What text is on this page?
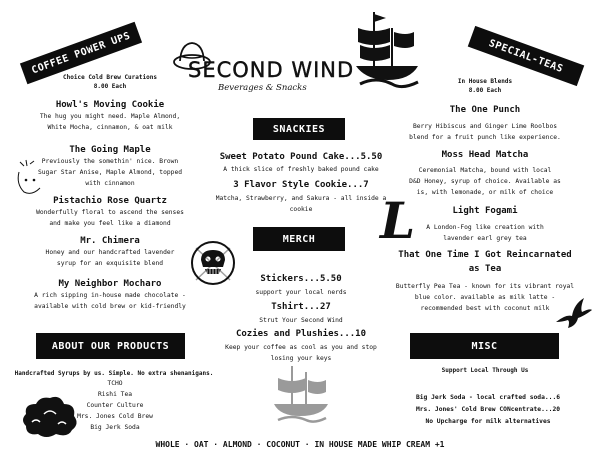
COFFEE POWER UPS	SPECIAL-TEAS
SNACKIES
MERCH
ABOUT OUR PRODUCTS	MISC
SECOND WIND
Beverages & Snacks
Choice Cold Brew Curations
8.00 Each
Howl's Moving Cookie
The hug you might need. Maple Almond,
White Mocha, cinnamon, & oat milk
The Going Maple
Previously the somethin' nice. Brown
Sugar Star Anise, Maple Almond, topped
with cinnamon
Pistachio Rose Quartz
Wonderfully floral to ascend the senses
and make you feel like a diamond
Mr. Chimera
Honey and our handcrafted lavender
syrup for an exquisite blend
My Neighbor Mocharo
A rich sipping in-house made chocolate -
available with cold brew or kid-friendly
Sweet Potato Pound Cake...5.50
A thick slice of freshly baked pound cake
3 Flavor Style Cookie...7
Matcha, Strawberry, and Sakura - all inside a
cookie
Stickers...5.50
support your local nerds
Tshirt...27
Strut Your Second Wind
Cozies and Plushies...10
Keep your coffee as cool as you and stop
losing your keys
In House Blends
8.00 Each
The One Punch
Berry Hibiscus and Ginger Lime Roolbos
blend for a fruit punch like experience.
Moss Head Matcha
Ceremonial Matcha, bound with local
D&D Honey, syrup of choice. Available as
is, with lemonade, or milk of choice
Light Fogami
A London-Fog like creation with
lavender earl grey tea
That One Time I Got Reincarnated
as Tea
Butterfly Pea Tea - known for its vibrant royal
blue color. available as milk latte -
recommended best with coconut milk
L
Handcrafted Syrups by us. Simple. No extra shenanigans.
TCHO
Rishi Tea
Counter Culture
Mrs. Jones Cold Brew
Big Jerk Soda
Support Local Through Us
Big Jerk Soda - local crafted soda...6
Mrs. Jones' Cold Brew CONcentrate...20
No Upcharge for milk alternatives
WHOLE · OAT · ALMOND · COCONUT · IN HOUSE MADE WHIP CREAM +1
